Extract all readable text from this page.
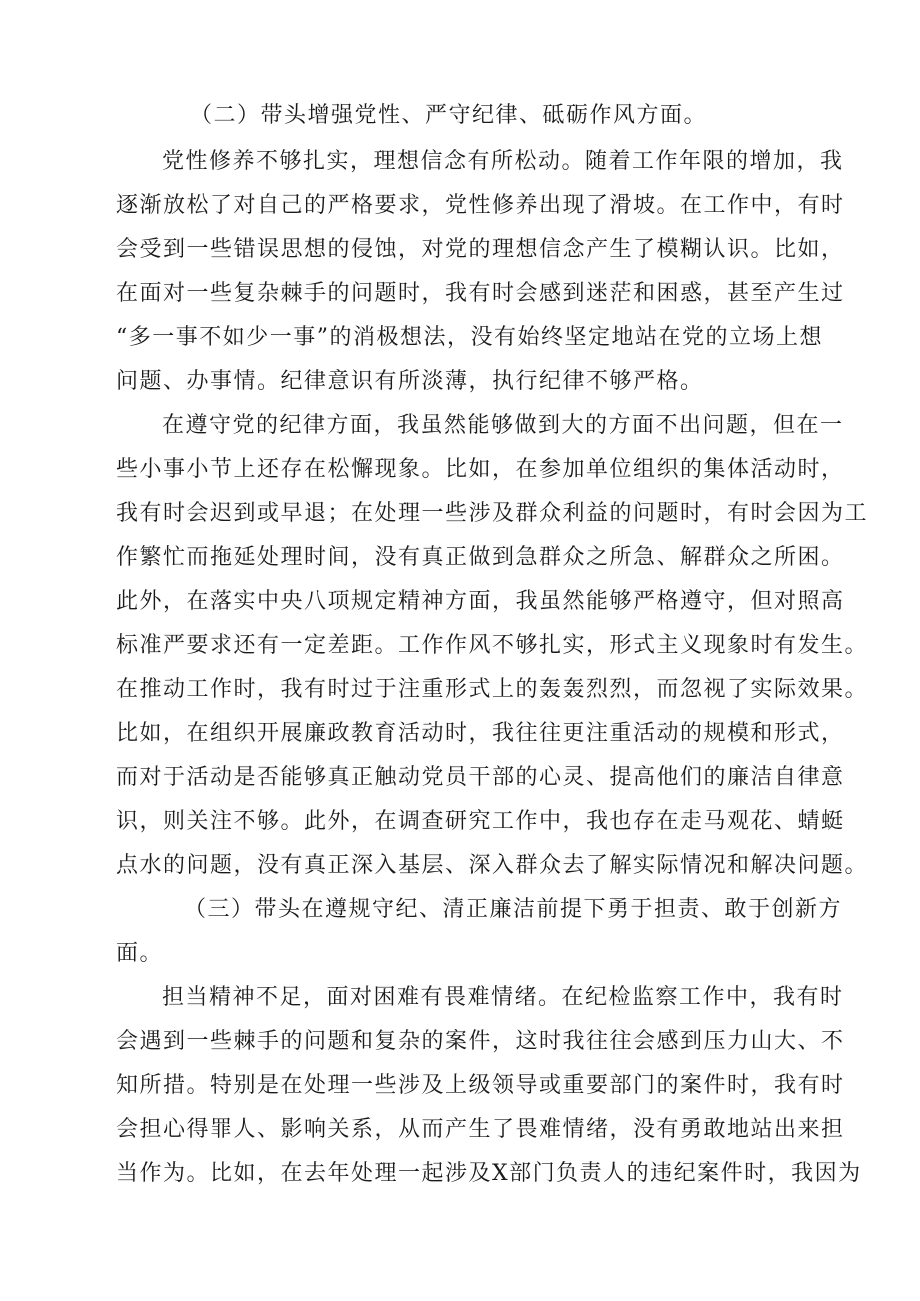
（二）带头增强党性、严守纪律、砥砺作风方面。

党性修养不够扎实，理想信念有所松动。随着工作年限的增加，我

逐渐放松了对自己的严格要求，党性修养出现了滑坡。在工作中，有时

会受到一些错误思想的侵蚀，对党的理想信念产生了模糊认识。比如，

在面对一些复杂棘手的问题时，我有时会感到迷茫和困惑，甚至产生过

“多一事不如少一事”的消极想法，没有始终坚定地站在党的立场上想

问题、办事情。纪律意识有所淡薄，执行纪律不够严格。

在遵守党的纪律方面，我虽然能够做到大的方面不出问题，但在一

些小事小节上还存在松懈现象。比如，在参加单位组织的集体活动时，

我有时会迟到或早退；在处理一些涉及群众利益的问题时，有时会因为工

作繁忙而拖延处理时间，没有真正做到急群众之所急、解群众之所困。

此外，在落实中央八项规定精神方面，我虽然能够严格遵守，但对照高

标准严要求还有一定差距。工作作风不够扎实，形式主义现象时有发生。

在推动工作时，我有时过于注重形式上的轰轰烈烈，而忽视了实际效果。

比如，在组织开展廉政教育活动时，我往往更注重活动的规模和形式，

而对于活动是否能够真正触动党员干部的心灵、提高他们的廉洁自律意

识，则关注不够。此外，在调查研究工作中，我也存在走马观花、蜻蜓

点水的问题，没有真正深入基层、深入群众去了解实际情况和解决问题。

（三）带头在遵规守纪、清正廉洁前提下勇于担责、敢于创新方

面。

担当精神不足，面对困难有畏难情绪。在纪检监察工作中，我有时

会遇到一些棘手的问题和复杂的案件，这时我往往会感到压力山大、不

知所措。特别是在处理一些涉及上级领导或重要部门的案件时，我有时

会担心得罪人、影响关系，从而产生了畏难情绪，没有勇敢地站出来担

当作为。比如，在去年处理一起涉及X部门负责人的违纪案件时，我因为
